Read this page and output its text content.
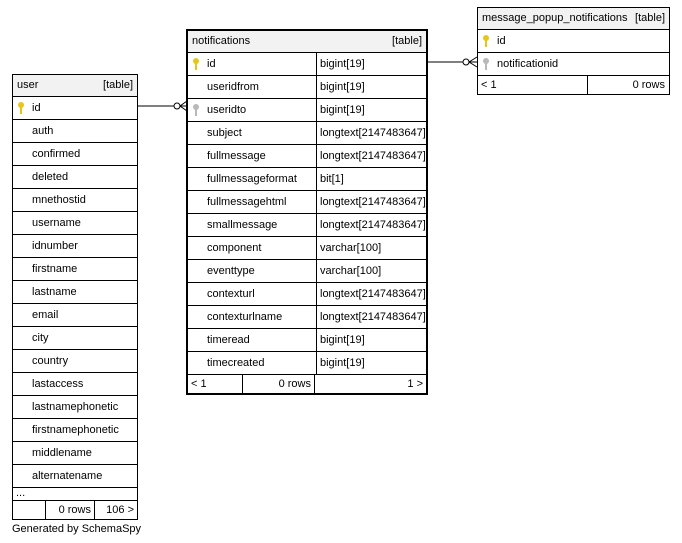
user	[table]
id
auth
confirmed
deleted
mnethostid
username
idnumber
firstname
lastname
email
city
country
lastaccess
lastnamephonetic
firstnamephonetic
middlename
alternatename
...
0 rows	106 >
notifications	[table]
id	bigint[19]
useridfrom	bigint[19]
useridto	bigint[19]
subject	longtext[2147483647]
fullmessage	longtext[2147483647]
fullmessageformat	bit[1]
fullmessagehtml	longtext[2147483647]
smallmessage	longtext[2147483647]
component	varchar[100]
eventtype	varchar[100]
contexturl	longtext[2147483647]
contexturlname	longtext[2147483647]
timeread	bigint[19]
timecreated	bigint[19]
< 1	0 rows	1 >
message_popup_notifications [table]
id
notificationid
< 1	0 rows
Generated by SchemaSpy
